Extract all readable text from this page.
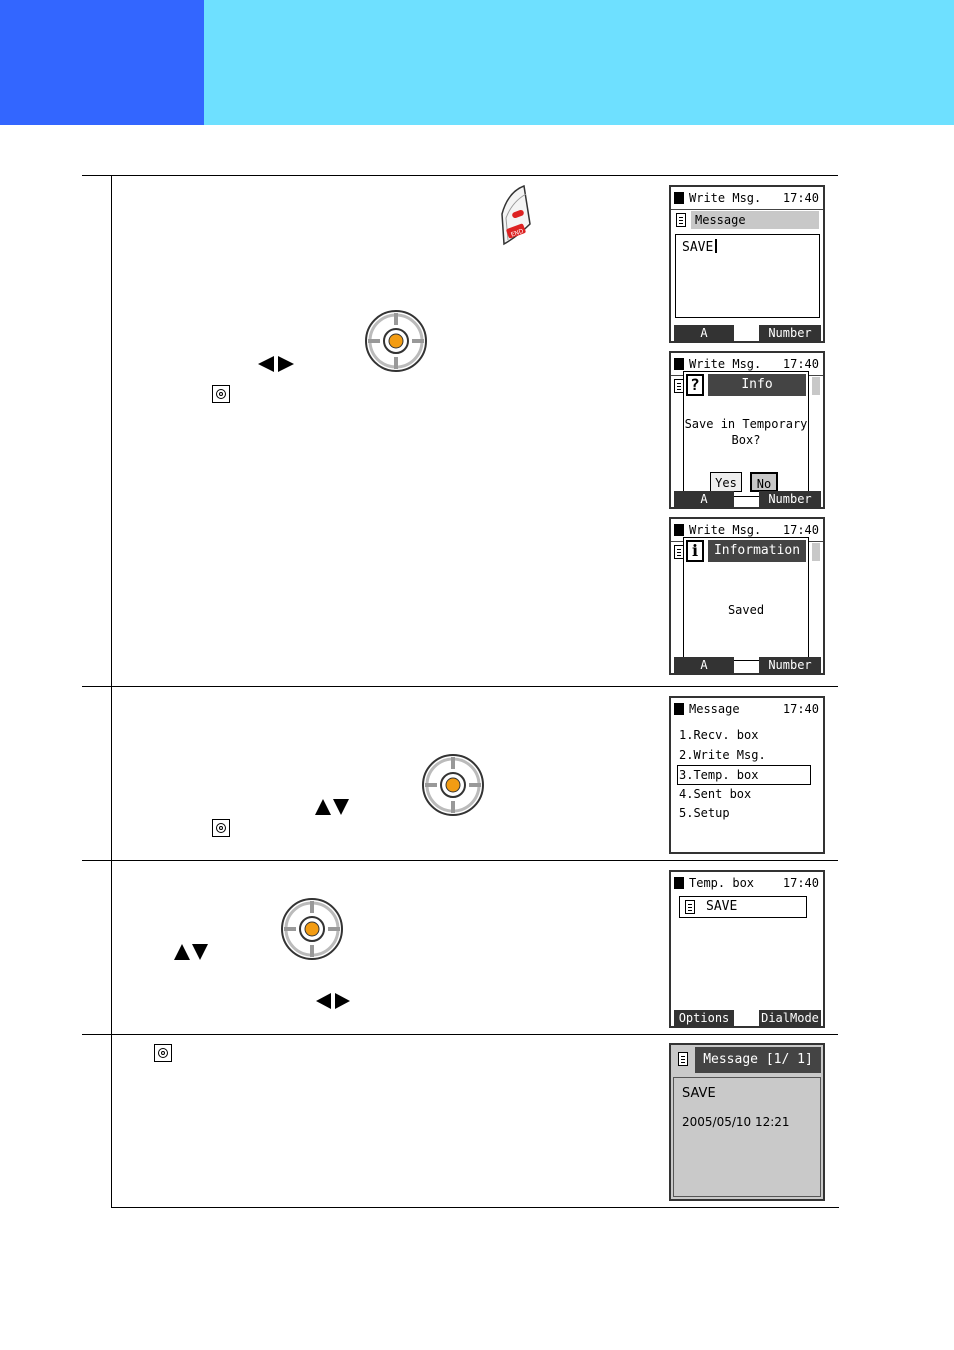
END
Write Msg. 17:40
Message
SAVE
A	Number
Write Msg. 17:40
?	Info
Save in Temporary
Box?
Yes	No
A	Number
Write Msg. 17:40
i	Information
Saved
A	Number
Message	17:40
1.Recv. box
2.Write Msg.
3.Temp. box
4.Sent box
5.Setup
Temp. box 17:40
SAVE
Options	DialMode
Message [1/ 1]
SAVE
2005/05/10 12:21
